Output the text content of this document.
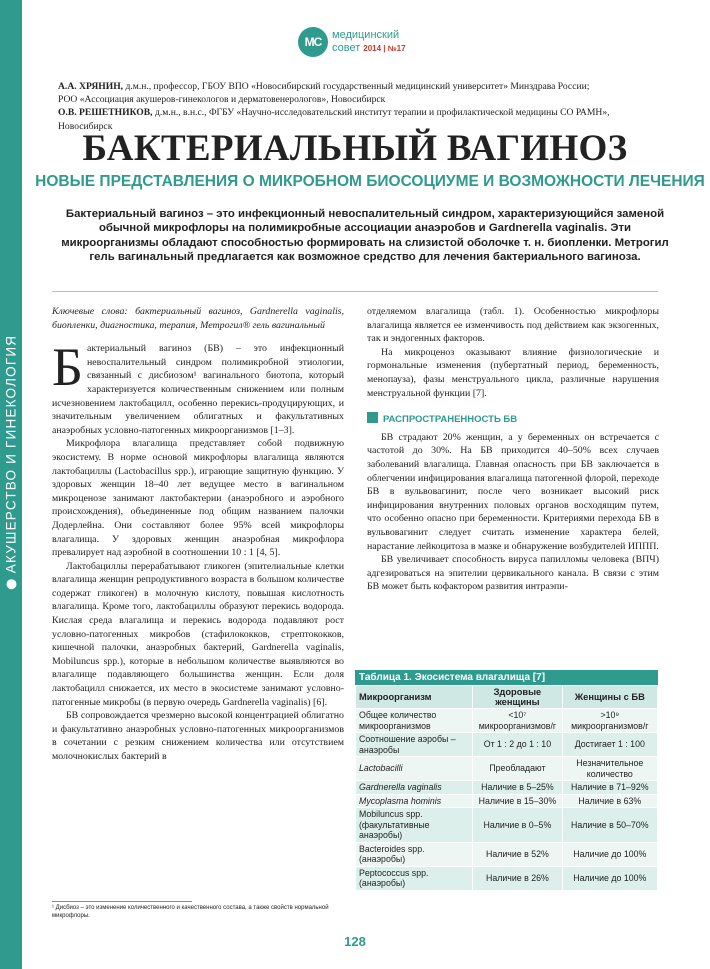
АКУШЕРСТВО И ГИНЕКОЛОГИЯ
МС медицинский
совет 2014 | №17
А.А. ХРЯНИН, д.м.н., профессор, ГБОУ ВПО «Новосибирский государственный медицинский университет» Минздрава России;
РОО «Ассоциация акушеров-гинекологов и дерматовенерологов», Новосибирск
О.В. РЕШЕТНИКОВ, д.м.н., в.н.с., ФГБУ «Научно-исследовательский институт терапии и профилактической медицины СО РАМН», Новосибирск
БАКТЕРИАЛЬНЫЙ ВАГИНОЗ
НОВЫЕ ПРЕДСТАВЛЕНИЯ О МИКРОБНОМ БИОСОЦИУМЕ И ВОЗМОЖНОСТИ ЛЕЧЕНИЯ
Бактериальный вагиноз – это инфекционный невоспалительный синдром, характеризующийся заменой обычной микрофлоры на полимикробные ассоциации анаэробов и Gardnerella vaginalis. Эти микроорганизмы обладают способностью формировать на слизистой оболочке т. н. биопленки. Метрогил гель вагинальный предлагается как возможное средство для лечения бактериального вагиноза.
Ключевые слова: бактериальный вагиноз, Gardnerella vaginalis, биопленки, диагностика, терапия, Метрогил® гель вагинальный
Бактериальный вагиноз (БВ) – это инфекционный невоспалительный синдром полимикробной этиологии, связанный с дисбиозом¹ вагинального биотопа, который характеризуется количественным снижением или полным исчезновением лактобацилл, особенно перекись-продуцирующих, и значительным увеличением облигатных и факультативных анаэробных условно-патогенных микроорганизмов [1–3].
Микрофлора влагалища представляет собой подвижную экосистему. В норме основой микрофлоры влагалища являются лактобациллы (Lactobacillus spp.), играющие защитную функцию. У здоровых женщин 18–40 лет ведущее место в вагинальном микроценозе занимают лактобактерии (анаэробного и аэробного происхождения), объединенные под общим названием палочки Додерлейна. Они составляют более 95% всей микрофлоры влагалища. У здоровых женщин анаэробная микрофлора превалирует над аэробной в соотношении 10 : 1 [4, 5].
Лактобациллы перерабатывают гликоген (эпителиальные клетки влагалища женщин репродуктивного возраста в большом количестве содержат гликоген) в молочную кислоту, повышая кислотность влагалища. Кроме того, лактобациллы образуют перекись водорода. Кислая среда влагалища и перекись водорода подавляют рост условно-патогенных микробов (стафилококков, стрептококков, кишечной палочки, анаэробных бактерий, Gardnerella vaginalis, Mobiluncus spp.), которые в небольшом количестве выявляются во влагалище подавляющего большинства женщин. Если доля лактобацилл снижается, их место в экосистеме занимают условно-патогенные микробы (в первую очередь Gardnerella vaginalis) [6].
БВ сопровождается чрезмерно высокой концентрацией облигатно и факультативно анаэробных условно-патогенных микроорганизмов в сочетании с резким снижением количества или отсутствием молочнокислых бактерий в
отделяемом влагалища (табл. 1). Особенностью микрофлоры влагалища является ее изменчивость под действием как экзогенных, так и эндогенных факторов.
На микроценоз оказывают влияние физиологические и гормональные изменения (пубертатный период, беременность, менопауза), фазы менструального цикла, различные нарушения менструальной функции [7].
РАСПРОСТРАНЕННОСТЬ БВ
БВ страдают 20% женщин, а у беременных он встречается с частотой до 30%. На БВ приходится 40–50% всех случаев заболеваний влагалища. Главная опасность при БВ заключается в облегчении инфицирования влагалища патогенной флорой, переходе БВ в вульвовагинит, после чего возникает высокий риск инфицирования внутренних половых органов восходящим путем, что особенно опасно при беременности. Критериями перехода БВ в вульвовагинит следует считать изменение характера белей, нарастание лейкоцитоза в мазке и обнаружение возбудителей ИППП.
БВ увеличивает способность вируса папилломы человека (ВПЧ) адгезироваться на эпителии цервикального канала. В связи с этим БВ может быть кофактором развития интраэпи-
Таблица 1. Экосистема влагалища [7]
Микроорганизм	Здоровые женщины	Женщины с БВ
Общее количество микроорганизмов	<10⁷ микроорганизмов/г	>10⁹ микроорганизмов/г
Соотношение аэробы – анаэробы	От 1 : 2 до 1 : 10	Достигает 1 : 100
Lactobacilli	Преобладают	Незначительное количество
Gardnerella vaginalis	Наличие в 5–25%	Наличие в 71–92%
Mycoplasma hominis	Наличие в 15–30%	Наличие в 63%
Mobiluncus spp. (факультативные анаэробы)	Наличие в 0–5%	Наличие в 50–70%
Bacteroides spp. (анаэробы)	Наличие в 52%	Наличие до 100%
Peptococcus spp. (анаэробы)	Наличие в 26%	Наличие до 100%
¹ Дисбиоз – это изменение количественного и качественного состава, а также свойств нормальной микрофлоры.
128
